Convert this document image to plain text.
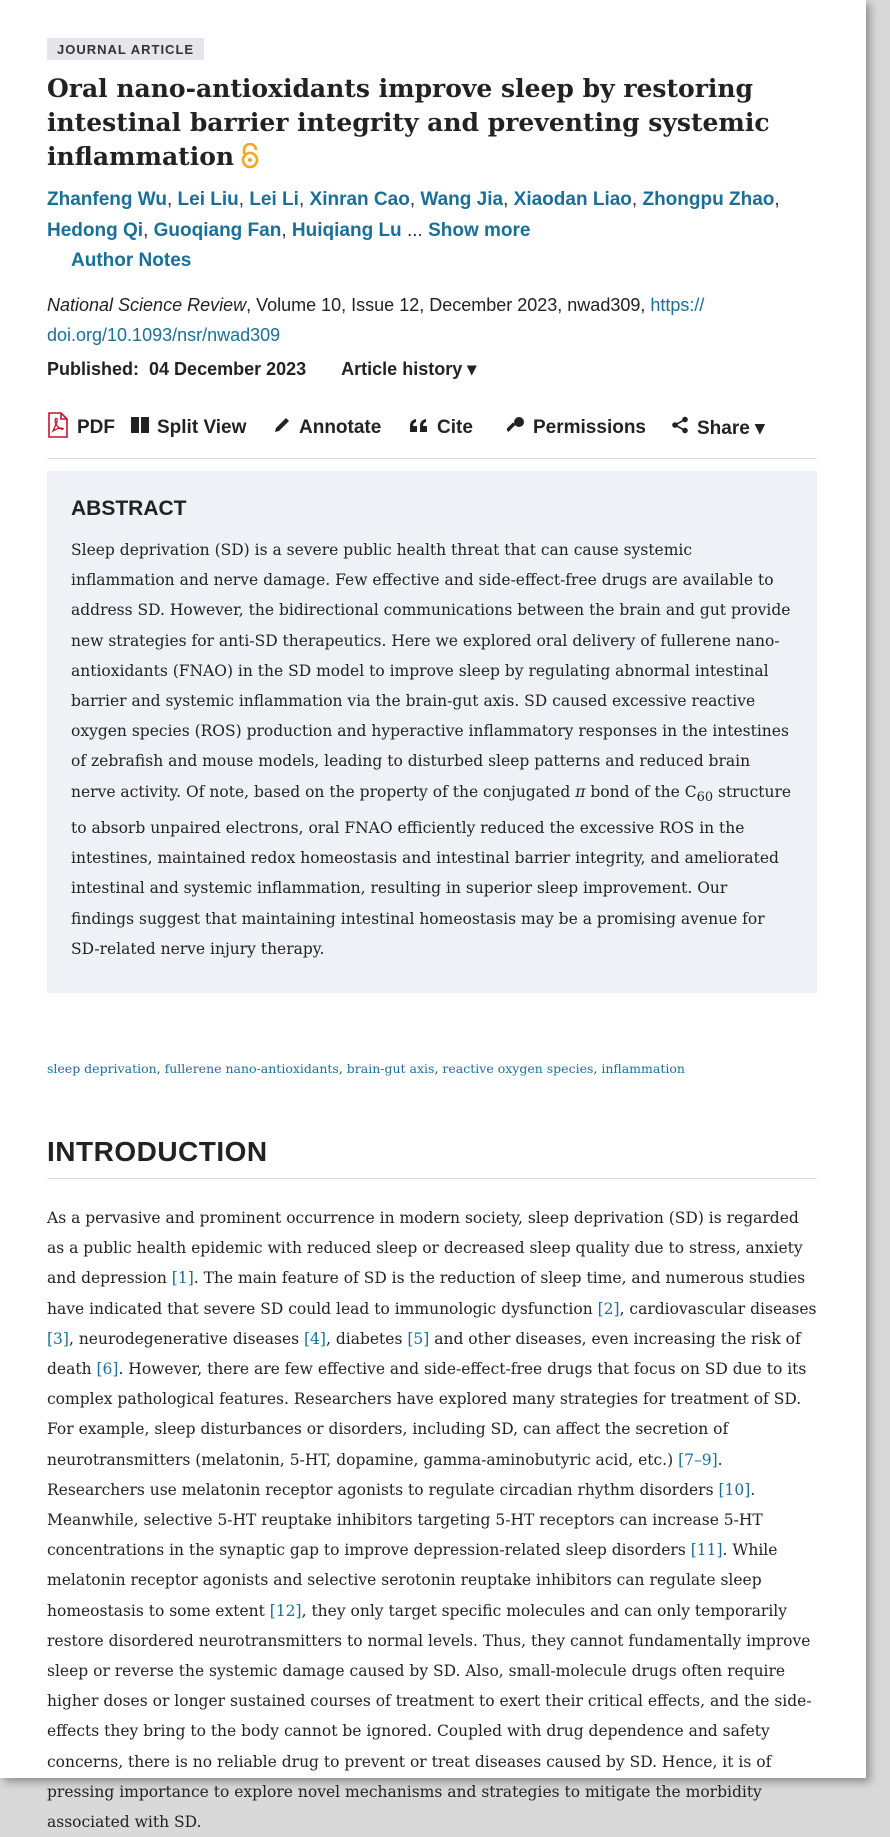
JOURNAL ARTICLE
Oral nano-antioxidants improve sleep by restoring intestinal barrier integrity and preventing systemic inflammation
Zhanfeng Wu, Lei Liu, Lei Li, Xinran Cao, Wang Jia, Xiaodan Liao, Zhongpu Zhao, Hedong Qi, Guoqiang Fan, Huiqiang Lu ... Show more
Author Notes
National Science Review, Volume 10, Issue 12, December 2023, nwad309, https://
doi.org/10.1093/nsr/nwad309
Published: 04 December 2023 Article history ▾
PDF Split View	Annotate	Cite	Permissions	Share ▾
ABSTRACT
Sleep deprivation (SD) is a severe public health threat that can cause systemic inflammation and nerve damage. Few effective and side-effect-free drugs are available to address SD. However, the bidirectional communications between the brain and gut provide new strategies for anti-SD therapeutics. Here we explored oral delivery of fullerene nano-antioxidants (FNAO) in the SD model to improve sleep by regulating abnormal intestinal barrier and systemic inflammation via the brain-gut axis. SD caused excessive reactive oxygen species (ROS) production and hyperactive inflammatory responses in the intestines of zebrafish and mouse models, leading to disturbed sleep patterns and reduced brain nerve activity. Of note, based on the property of the conjugated π bond of the $C_{60}$ structure to absorb unpaired electrons, oral FNAO efficiently reduced the excessive ROS in the intestines, maintained redox homeostasis and intestinal barrier integrity, and ameliorated intestinal and systemic inflammation, resulting in superior sleep improvement. Our findings suggest that maintaining intestinal homeostasis may be a promising avenue for SD-related nerve injury therapy.
sleep deprivation, fullerene nano-antioxidants, brain-gut axis, reactive oxygen species, inflammation
INTRODUCTION
As a pervasive and prominent occurrence in modern society, sleep deprivation (SD) is regarded as a public health epidemic with reduced sleep or decreased sleep quality due to stress, anxiety and depression [1]. The main feature of SD is the reduction of sleep time, and numerous studies have indicated that severe SD could lead to immunologic dysfunction [2], cardiovascular diseases [3], neurodegenerative diseases [4], diabetes [5] and other diseases, even increasing the risk of death [6]. However, there are few effective and side-effect-free drugs that focus on SD due to its complex pathological features. Researchers have explored many strategies for treatment of SD. For example, sleep disturbances or disorders, including SD, can affect the secretion of neurotransmitters (melatonin, 5-HT, dopamine, gamma-aminobutyric acid, etc.) [7–9]. Researchers use melatonin receptor agonists to regulate circadian rhythm disorders [10]. Meanwhile, selective 5-HT reuptake inhibitors targeting 5-HT receptors can increase 5-HT concentrations in the synaptic gap to improve depression-related sleep disorders [11]. While melatonin receptor agonists and selective serotonin reuptake inhibitors can regulate sleep homeostasis to some extent [12], they only target specific molecules and can only temporarily restore disordered neurotransmitters to normal levels. Thus, they cannot fundamentally improve sleep or reverse the systemic damage caused by SD. Also, small-molecule drugs often require higher doses or longer sustained courses of treatment to exert their critical effects, and the side-effects they bring to the body cannot be ignored. Coupled with drug dependence and safety concerns, there is no reliable drug to prevent or treat diseases caused by SD. Hence, it is of pressing importance to explore novel mechanisms and strategies to mitigate the morbidity associated with SD.
